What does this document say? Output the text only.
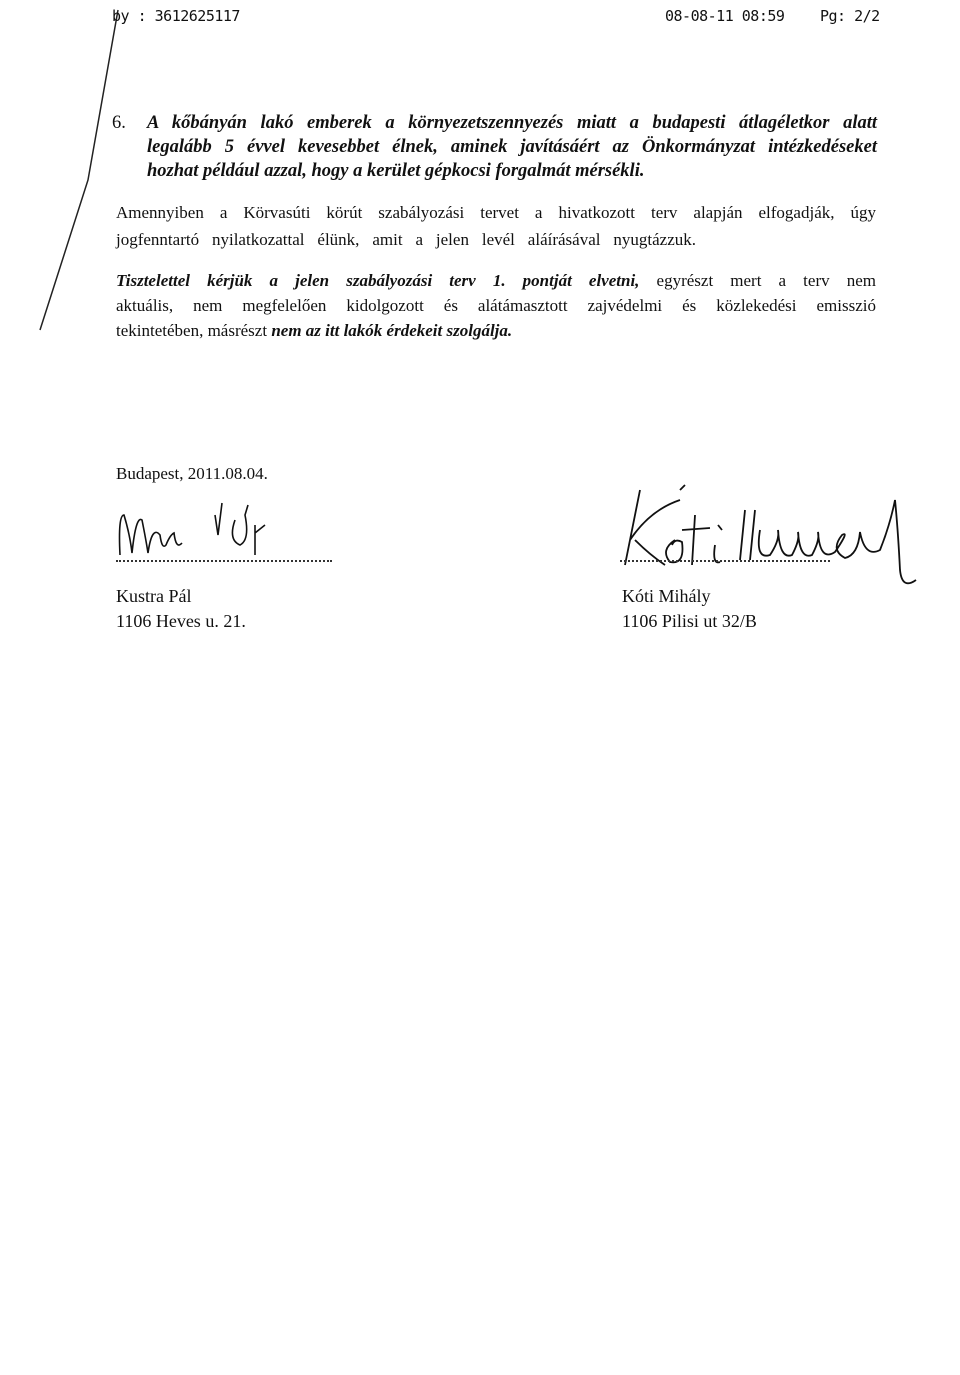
by : 3612625117	08-08-11 08:59 Pg: 2/2
6. A kőbányán lakó emberek a környezetszennyezés miatt a budapesti átlagéletkor alatt
legalább 5 évvel kevesebbet élnek, aminek javításáért az Önkormányzat intézkedéseket
hozhat például azzal, hogy a kerület gépkocsi forgalmát mérsékli.
Amennyiben a Körvasúti körút szabályozási tervet a hivatkozott terv alapján elfogadják, úgy
jogfenntartó nyilatkozattal élünk, amit a jelen levél aláírásával nyugtázzuk.
Tisztelettel kérjük a jelen szabályozási terv 1. pontját elvetni, egyrészt mert a terv nem
aktuális, nem megfelelően kidolgozott és alátámasztott zajvédelmi és közlekedési emisszió
tekintetében, másrészt nem az itt lakók érdekeit szolgálja.
Budapest, 2011.08.04.
Kustra Pál
1106 Heves u. 21.
Kóti Mihály
1106 Pilisi ut 32/B
